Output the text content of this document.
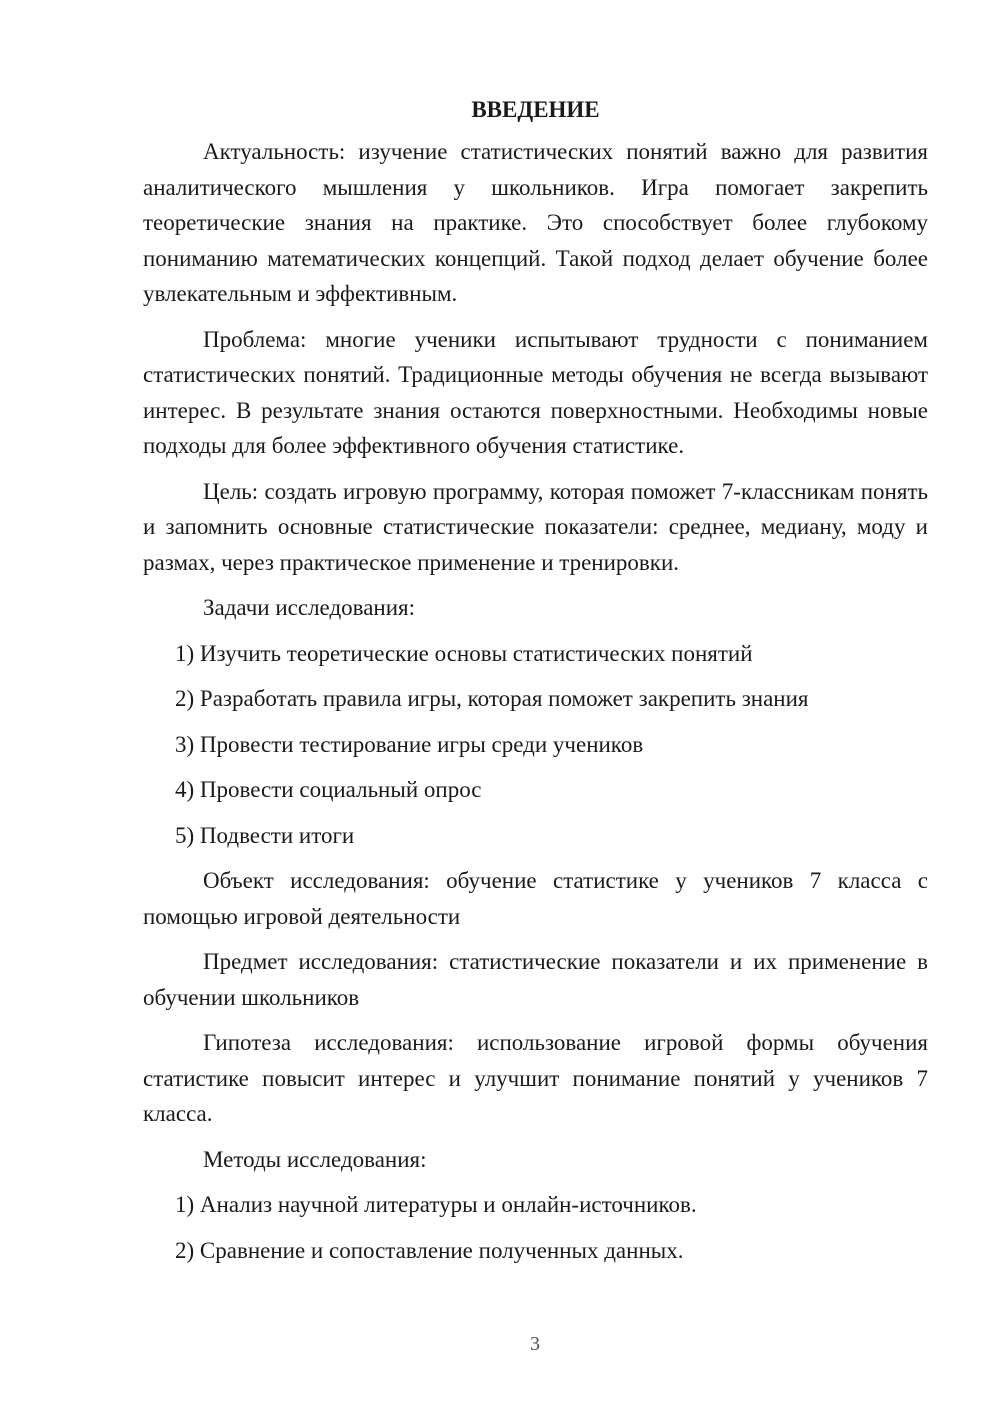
ВВЕДЕНИЕ

Актуальность: изучение статистических понятий важно для развития аналитического мышления у школьников. Игра помогает закрепить теоретические знания на практике. Это способствует более глубокому пониманию математических концепций. Такой подход делает обучение более увлекательным и эффективным.

Проблема: многие ученики испытывают трудности с пониманием статистических понятий. Традиционные методы обучения не всегда вызывают интерес. В результате знания остаются поверхностными. Необходимы новые подходы для более эффективного обучения статистике.

Цель: создать игровую программу, которая поможет 7-классникам понять и запомнить основные статистические показатели: среднее, медиану, моду и размах, через практическое применение и тренировки.

Задачи исследования:

1) Изучить теоретические основы статистических понятий
2) Разработать правила игры, которая поможет закрепить знания
3) Провести тестирование игры среди учеников
4) Провести социальный опрос
5) Подвести итоги

Объект исследования: обучение статистике у учеников 7 класса с помощью игровой деятельности

Предмет исследования: статистические показатели и их применение в обучении школьников

Гипотеза исследования: использование игровой формы обучения статистике повысит интерес и улучшит понимание понятий у учеников 7 класса.

Методы исследования:

1) Анализ научной литературы и онлайн-источников.
2) Сравнение и сопоставление полученных данных.
3
